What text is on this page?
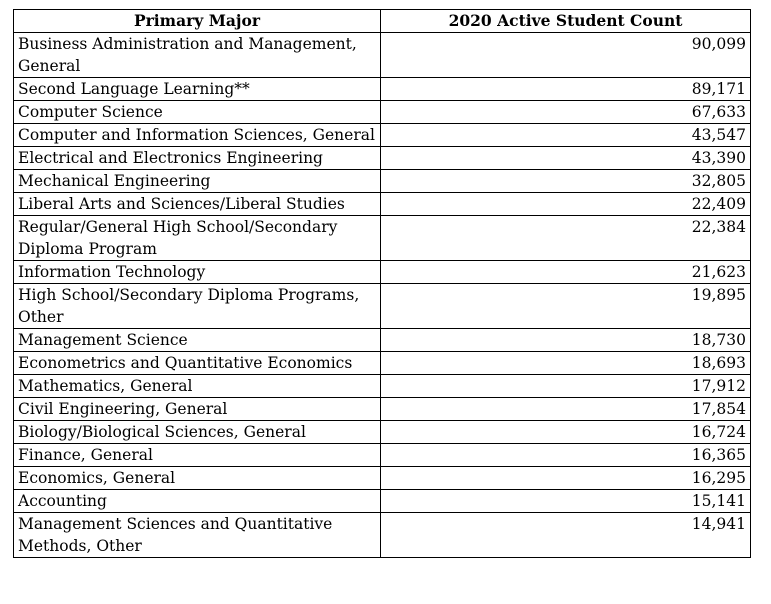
Primary Major	2020 Active Student Count
Business Administration and Management, General	90,099
Second Language Learning**	89,171
Computer Science	67,633
Computer and Information Sciences, General	43,547
Electrical and Electronics Engineering	43,390
Mechanical Engineering	32,805
Liberal Arts and Sciences/Liberal Studies	22,409
Regular/General High School/Secondary Diploma Program	22,384
Information Technology	21,623
High School/Secondary Diploma Programs, Other	19,895
Management Science	18,730
Econometrics and Quantitative Economics	18,693
Mathematics, General	17,912
Civil Engineering, General	17,854
Biology/Biological Sciences, General	16,724
Finance, General	16,365
Economics, General	16,295
Accounting	15,141
Management Sciences and Quantitative Methods, Other	14,941
